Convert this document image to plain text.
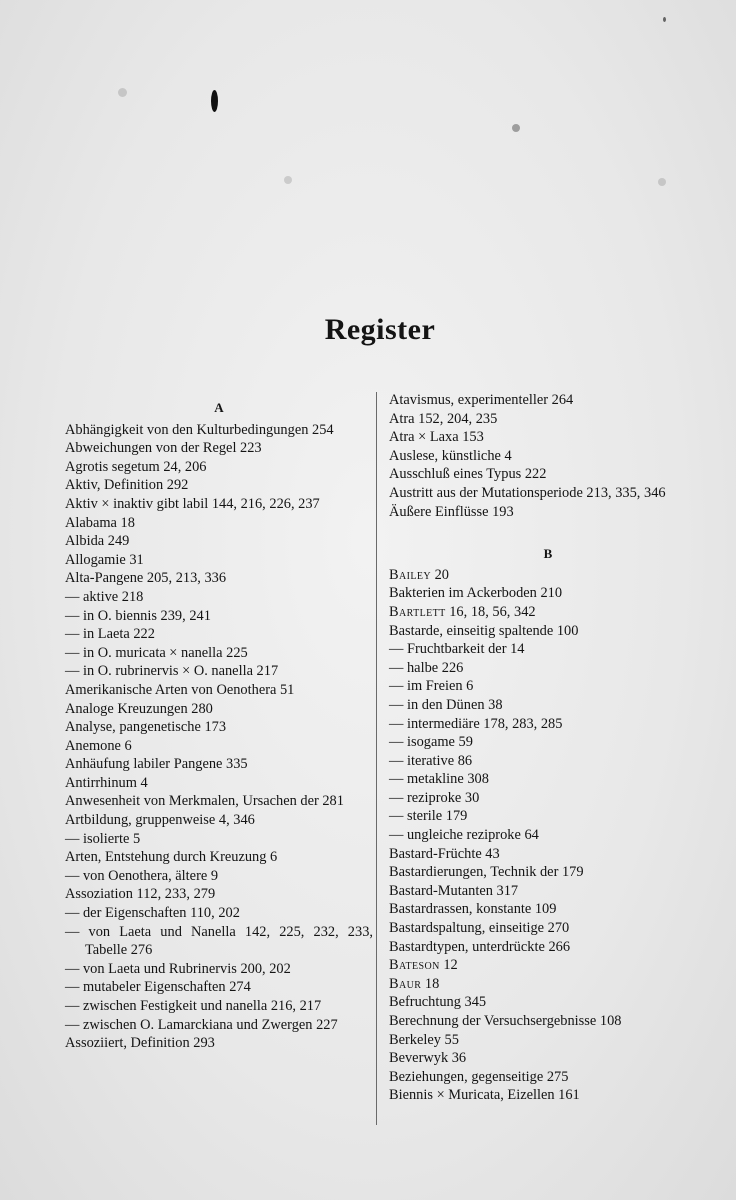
Register
A

Abhängigkeit von den Kulturbedingungen 254

Abweichungen von der Regel 223

Agrotis segetum 24, 206

Aktiv, Definition 292

Aktiv × inaktiv gibt labil 144, 216, 226, 237

Alabama 18

Albida 249

Allogamie 31

Alta-Pangene 205, 213, 336

— aktive 218

— in O. biennis 239, 241

— in Laeta 222

— in O. muricata × nanella 225

— in O. rubrinervis × O. nanella 217

Amerikanische Arten von Oenothera 51

Analoge Kreuzungen 280

Analyse, pangenetische 173

Anemone 6

Anhäufung labiler Pangene 335

Antirrhinum 4

Anwesenheit von Merkmalen, Ursachen der 281

Artbildung, gruppenweise 4, 346

— isolierte 5

Arten, Entstehung durch Kreuzung 6

— von Oenothera, ältere 9

Assoziation 112, 233, 279

— der Eigenschaften 110, 202

— von Laeta und Nanella 142, 225, 232, 233, Tabelle 276

— von Laeta und Rubrinervis 200, 202

— mutabeler Eigenschaften 274

— zwischen Festigkeit und nanella 216, 217

— zwischen O. Lamarckiana und Zwergen 227

Assoziiert, Definition 293

Atavismus, experimenteller 264

Atra 152, 204, 235

Atra × Laxa 153

Auslese, künstliche 4

Ausschluß eines Typus 222

Austritt aus der Mutationsperiode 213, 335, 346

Äußere Einflüsse 193

B

Bailey 20

Bakterien im Ackerboden 210

Bartlett 16, 18, 56, 342

Bastarde, einseitig spaltende 100

— Fruchtbarkeit der 14

— halbe 226

— im Freien 6

— in den Dünen 38

— intermediäre 178, 283, 285

— isogame 59

— iterative 86

— metakline 308

— reziproke 30

— sterile 179

— ungleiche reziproke 64

Bastard-Früchte 43

Bastardierungen, Technik der 179

Bastard-Mutanten 317

Bastardrassen, konstante 109

Bastardspaltung, einseitige 270

Bastardtypen, unterdrückte 266

Bateson 12

Baur 18

Befruchtung 345

Berechnung der Versuchsergebnisse 108

Berkeley 55

Beverwyk 36

Beziehungen, gegenseitige 275

Biennis × Muricata, Eizellen 161
